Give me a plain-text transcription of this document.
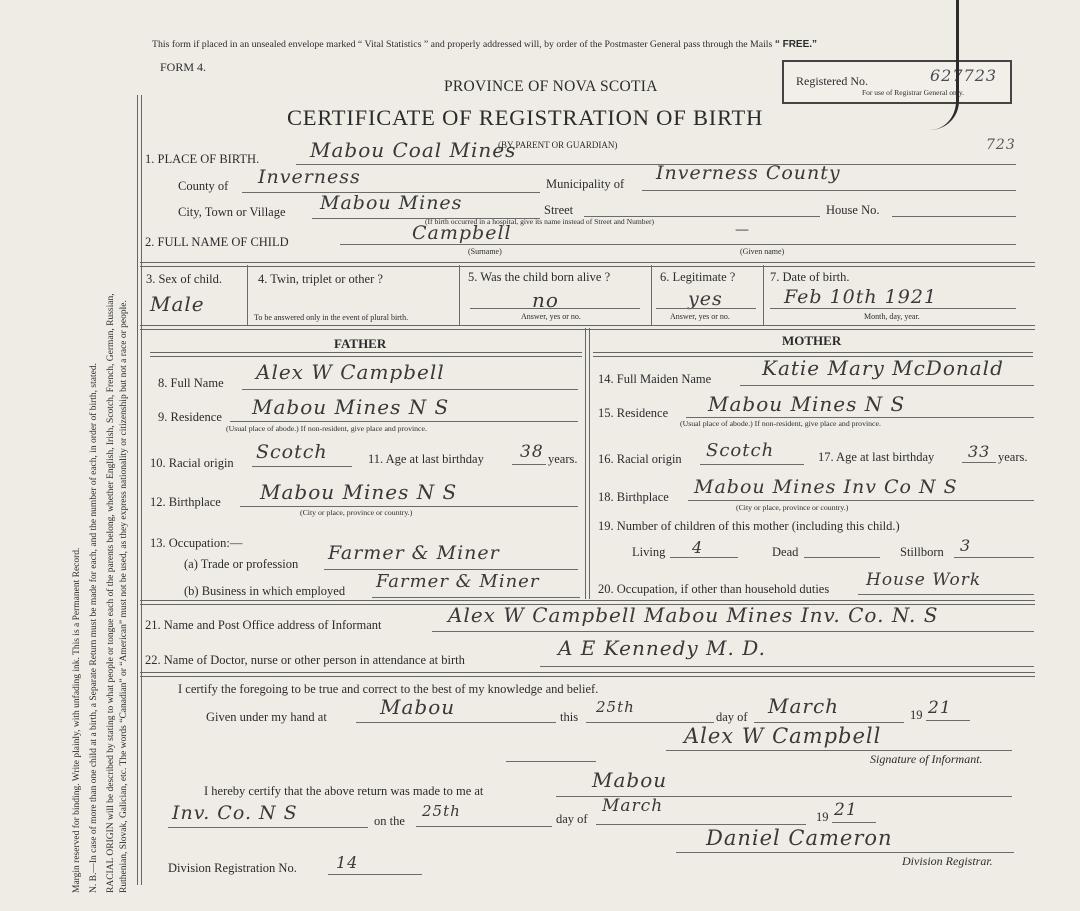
Margin reserved for binding. Write plainly, with unfading ink. This is a Permanent Record. N. B.—In case of more than one child at a birth, a Separate Return must be made for each, and the number of each, in order of birth, stated. RACIAL ORIGIN will be described by stating to what people or tongue each of the parents belong, whether English, Irish, Scotch, French, German, Russian, Ruthenian, Slovak, Galician, etc. The words “Canadian” or “American” must not be used, as they express nationality or citizenship but not a race or people.
This form if placed in an unsealed envelope marked “ Vital Statistics ” and properly addressed will, by order of the Postmaster General pass through the Mails “ FREE.”
FORM 4.
PROVINCE OF NOVA SCOTIA
CERTIFICATE OF REGISTRATION OF BIRTH
Registered No.	627723
For use of Registrar General only.
723
1. PLACE OF BIRTH.	Mabou Coal Mines
(BY PARENT OR GUARDIAN)
County of Inverness	Municipality of Inverness County
City, Town or Village Mabou Mines	Street	House No.
(If birth occurred in a hospital, give its name instead of Street and Number)
2. FULL NAME OF CHILD	Campbell	—
(Surname)	(Given name)
3. Sex of child.
Male
4. Twin, triplet or other ?
To be answered only in the event of plural birth.
5. Was the child born alive ?
no
Answer, yes or no.
6. Legitimate ?
yes
Answer, yes or no.
7. Date of birth.
Feb 10th 1921
Month, day, year.
FATHER	MOTHER
8. Full Name Alex W Campbell
9. Residence Mabou Mines N S
(Usual place of abode.) If non-resident, give place and province.
10. Racial origin Scotch	11. Age at last birthday 38 years.
12. Birthplace Mabou Mines N S
(City or place, province or country.)
13. Occupation:—
(a) Trade or profession Farmer & Miner
(b) Business in which employed Farmer & Miner
14. Full Maiden Name	Katie Mary McDonald
15. Residence Mabou Mines N S
(Usual place of abode.) If non-resident, give place and province.
16. Racial origin Scotch	17. Age at last birthday 33 years.
18. Birthplace Mabou Mines Inv Co N S
(City or place, province or country.)
19. Number of children of this mother (including this child.)
Living 4	Dead	Stillborn 3
20. Occupation, if other than household duties House Work
21. Name and Post Office address of Informant	Alex W Campbell Mabou Mines Inv. Co. N. S
22. Name of Doctor, nurse or other person in attendance at birth	A E Kennedy M. D.
I certify the foregoing to be true and correct to the best of my knowledge and belief.
Given under my hand at	Mabou	this
25th
day of March	19 21
Alex W Campbell
Signature of Informant.
I hereby certify that the above return was made to me at	Mabou
Inv. Co. N S	on the
25th	day of
March
19 21
Daniel Cameron
Division Registrar.
Division Registration No. 14
